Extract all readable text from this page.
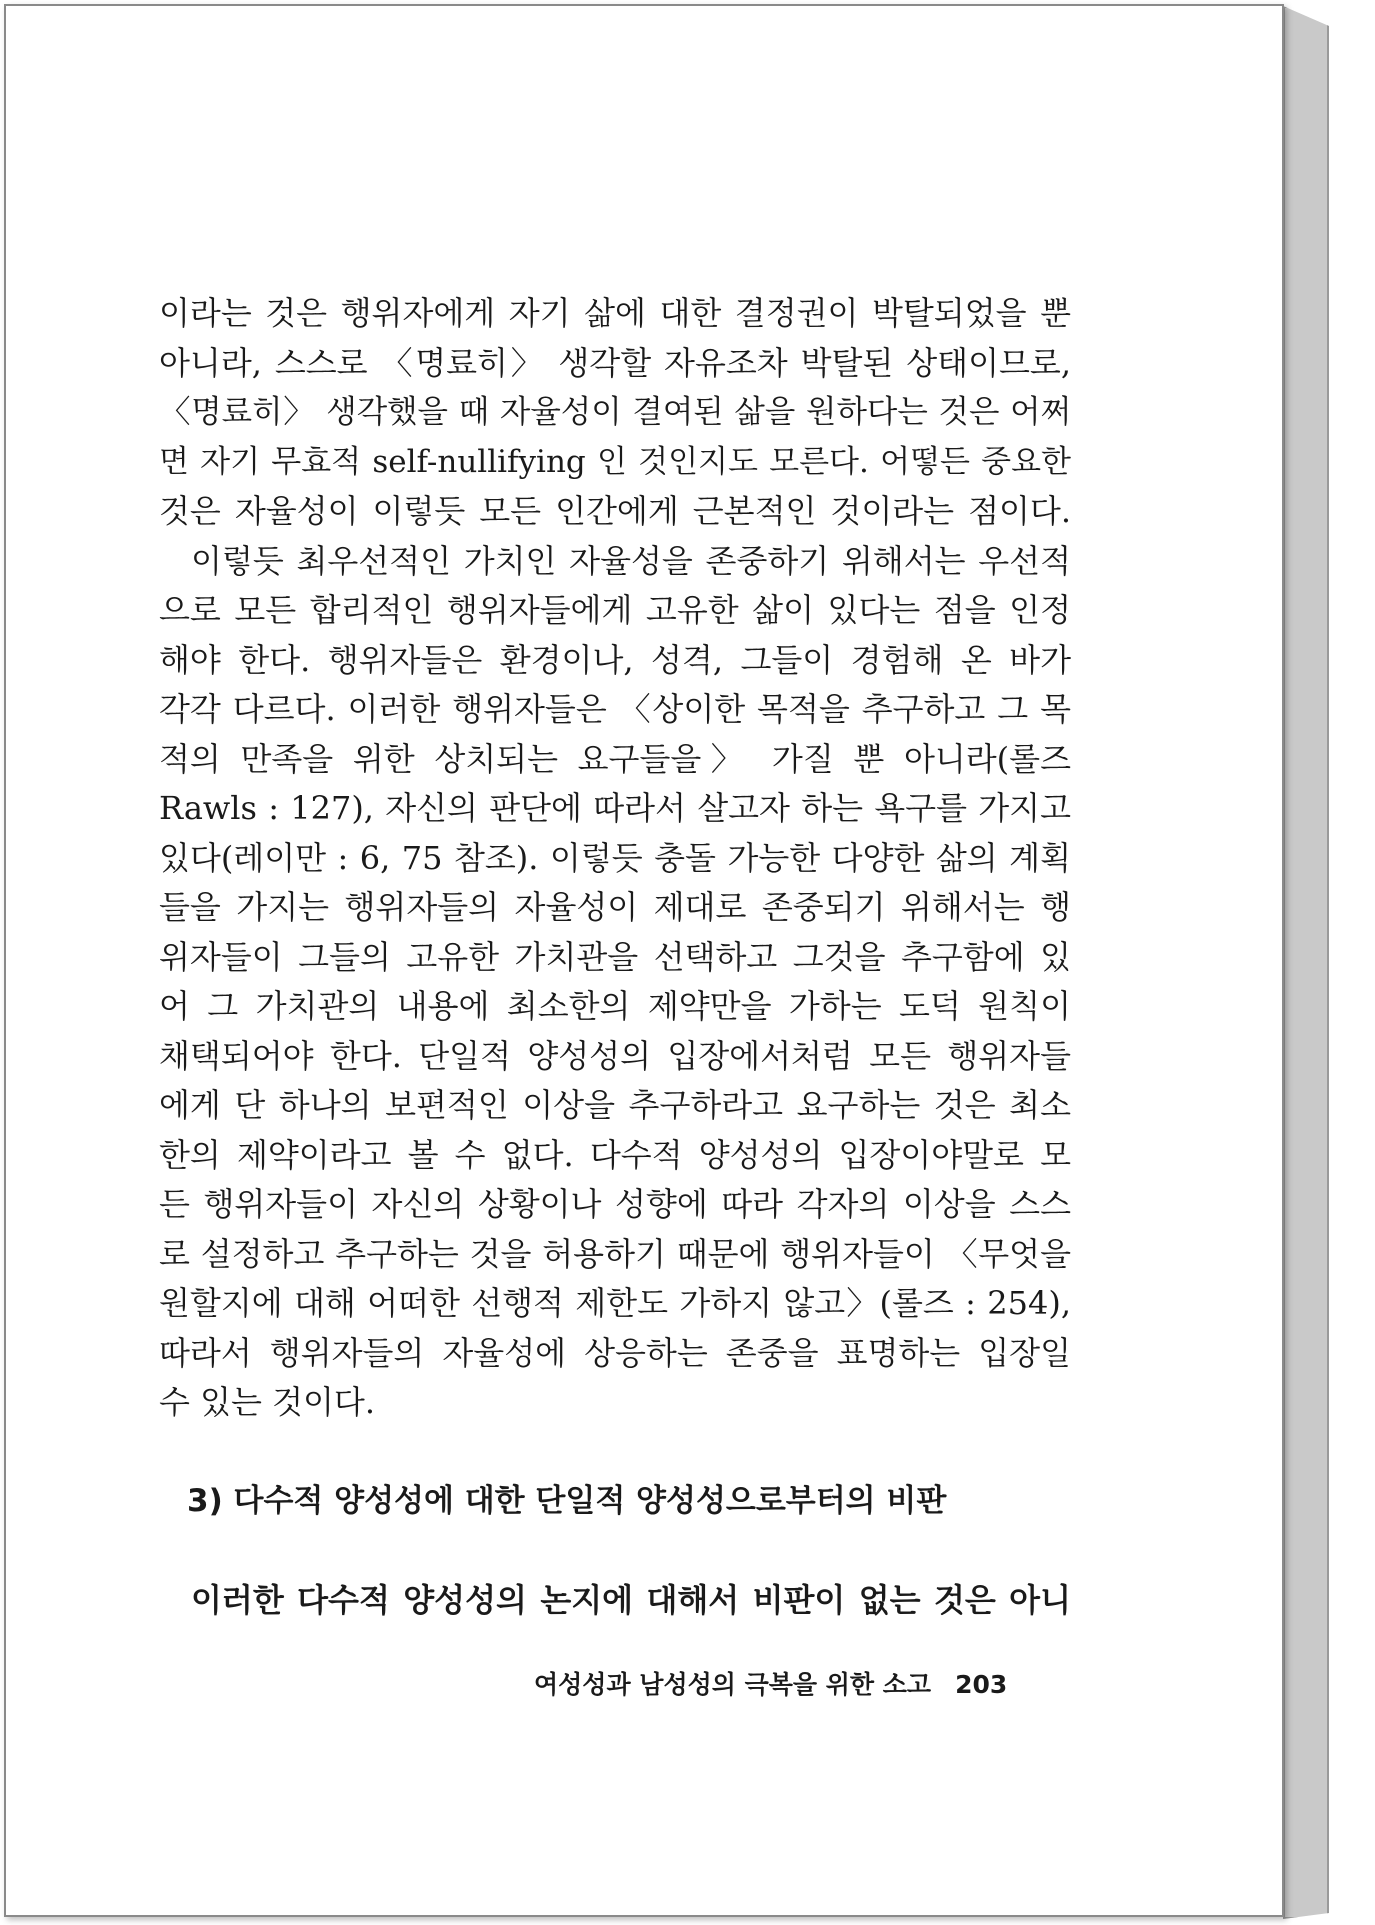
이라는 것은 행위자에게 자기 삶에 대한 결정권이 박탈되었을 뿐
아니라, 스스로 〈명료히〉 생각할 자유조차 박탈된 상태이므로,
〈명료히〉 생각했을 때 자율성이 결여된 삶을 원하다는 것은 어쩌
면 자기 무효적 self-nullifying 인 것인지도 모른다. 어떻든 중요한
것은 자율성이 이렇듯 모든 인간에게 근본적인 것이라는 점이다.
이렇듯 최우선적인 가치인 자율성을 존중하기 위해서는 우선적
으로 모든 합리적인 행위자들에게 고유한 삶이 있다는 점을 인정
해야 한다. 행위자들은 환경이나, 성격, 그들이 경험해 온 바가
각각 다르다. 이러한 행위자들은 〈상이한 목적을 추구하고 그 목
적의 만족을 위한 상치되는 요구들을〉 가질 뿐 아니라(롤즈
Rawls : 127), 자신의 판단에 따라서 살고자 하는 욕구를 가지고
있다(레이만 : 6, 75 참조). 이렇듯 충돌 가능한 다양한 삶의 계획
들을 가지는 행위자들의 자율성이 제대로 존중되기 위해서는 행
위자들이 그들의 고유한 가치관을 선택하고 그것을 추구함에 있
어 그 가치관의 내용에 최소한의 제약만을 가하는 도덕 원칙이
채택되어야 한다. 단일적 양성성의 입장에서처럼 모든 행위자들
에게 단 하나의 보편적인 이상을 추구하라고 요구하는 것은 최소
한의 제약이라고 볼 수 없다. 다수적 양성성의 입장이야말로 모
든 행위자들이 자신의 상황이나 성향에 따라 각자의 이상을 스스
로 설정하고 추구하는 것을 허용하기 때문에 행위자들이 〈무엇을
원할지에 대해 어떠한 선행적 제한도 가하지 않고〉(롤즈 : 254),
따라서 행위자들의 자율성에 상응하는 존중을 표명하는 입장일
수 있는 것이다.
3) 다수적 양성성에 대한 단일적 양성성으로부터의 비판
이러한 다수적 양성성의 논지에 대해서 비판이 없는 것은 아니
여성성과 남성성의 극복을 위한 소고 203
